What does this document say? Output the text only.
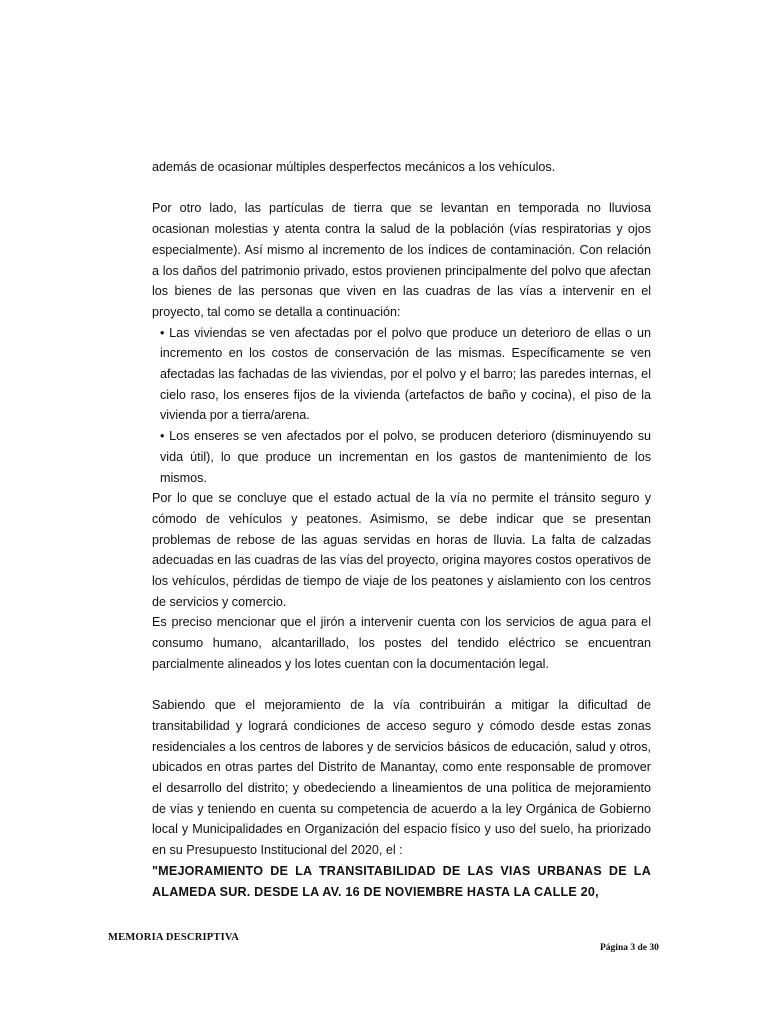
además de ocasionar múltiples desperfectos mecánicos a los vehículos.

Por otro lado, las partículas de tierra que se levantan en temporada no lluviosa ocasionan molestias y atenta contra la salud de la población (vías respiratorias y ojos especialmente). Así mismo al incremento de los índices de contaminación. Con relación a los daños del patrimonio privado, estos provienen principalmente del polvo que afectan los bienes de las personas que viven en las cuadras de las vías a intervenir en el proyecto, tal como se detalla a continuación:

• Las viviendas se ven afectadas por el polvo que produce un deterioro de ellas o un incremento en los costos de conservación de las mismas. Específicamente se ven afectadas las fachadas de las viviendas, por el polvo y el barro; las paredes internas, el cielo raso, los enseres fijos de la vivienda (artefactos de baño y cocina), el piso de la vivienda por a tierra/arena.

• Los enseres se ven afectados por el polvo, se producen deterioro (disminuyendo su vida útil), lo que produce un incrementan en los gastos de mantenimiento de los mismos.

Por lo que se concluye que el estado actual de la vía no permite el tránsito seguro y cómodo de vehículos y peatones. Asimismo, se debe indicar que se presentan problemas de rebose de las aguas servidas en horas de lluvia. La falta de calzadas adecuadas en las cuadras de las vías del proyecto, origina mayores costos operativos de los vehículos, pérdidas de tiempo de viaje de los peatones y aislamiento con los centros de servicios y comercio.

Es preciso mencionar que el jirón a intervenir cuenta con los servicios de agua para el consumo humano, alcantarillado, los postes del tendido eléctrico se encuentran parcialmente alineados y los lotes cuentan con la documentación legal.

Sabiendo que el mejoramiento de la vía contribuirán a mitigar la dificultad de transitabilidad y logrará condiciones de acceso seguro y cómodo desde estas zonas residenciales a los centros de labores y de servicios básicos de educación, salud y otros, ubicados en otras partes del Distrito de Manantay, como ente responsable de promover el desarrollo del distrito; y obedeciendo a lineamientos de una política de mejoramiento de vías y teniendo en cuenta su competencia de acuerdo a la ley Orgánica de Gobierno local y Municipalidades en Organización del espacio físico y uso del suelo, ha priorizado en su Presupuesto Institucional del 2020, el :

"MEJORAMIENTO DE LA TRANSITABILIDAD DE LAS VIAS URBANAS DE LA ALAMEDA SUR. DESDE LA AV. 16 DE NOVIEMBRE HASTA LA CALLE 20,

MEMORIA DESCRIPTIVA
Página 3 de 30
